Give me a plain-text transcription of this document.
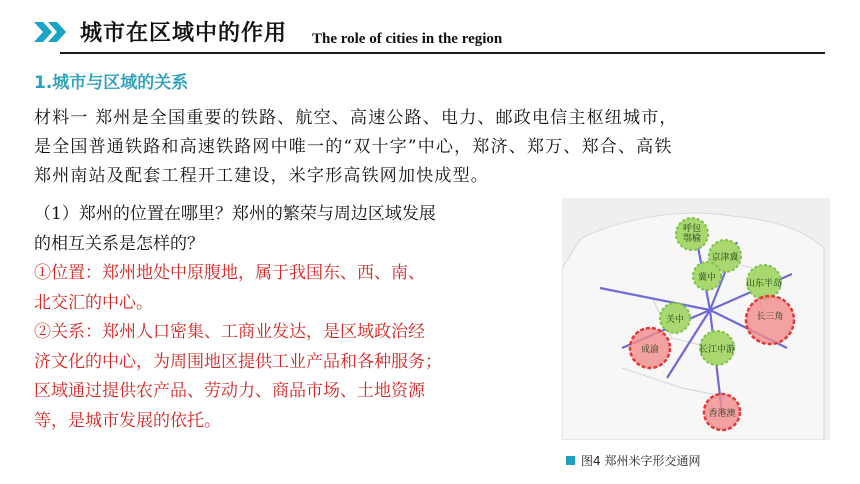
城市在区域中的作用 The role of cities in the region
1.城市与区域的关系
材料一 郑州是全国重要的铁路、航空、高速公路、电力、邮政电信主枢纽城市，
是全国普通铁路和高速铁路网中唯一的“双十字”中心，郑济、郑万、郑合、高铁
郑州南站及配套工程开工建设，米字形高铁网加快成型。
（1）郑州的位置在哪里？郑州的繁荣与周边区域发展
的相互关系是怎样的？
①位置：郑州地处中原腹地，属于我国东、西、南、
北交汇的中心。
②关系：郑州人口密集、工商业发达，是区域政治经
济文化的中心，为周围地区提供工业产品和各种服务；
区域通过提供农产品、劳动力、商品市场、土地资源
等，是城市发展的依托。
呼包鄂榆
京津冀
冀中
山东半岛
关中	长三角
成渝	长江中游
香港澳
图4 郑州米字形交通网
